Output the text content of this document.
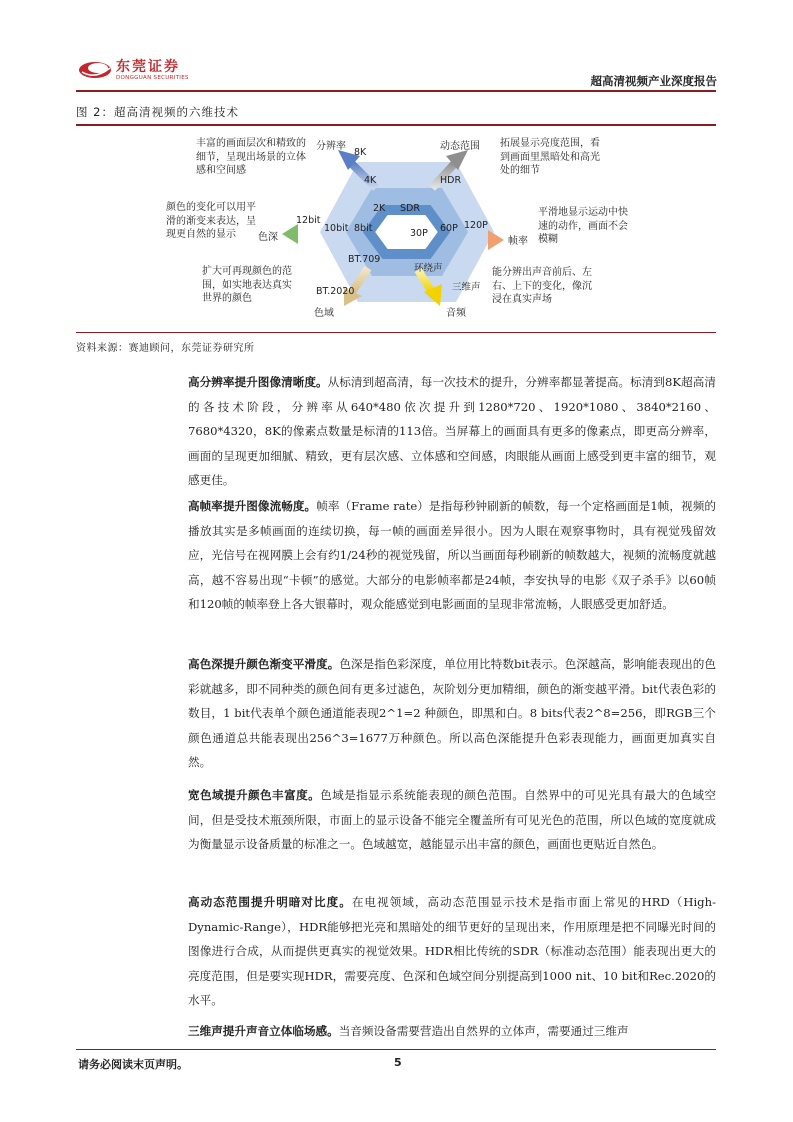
东莞证券
DONGGUAN SECURITIES	超高清视频产业深度报告
图 2：超高清视频的六维技术
分辨率	动态范围
帧率
音频
色域
色深
8K
4K
2K
HDR
SDR
120P
60P
30P
三维声
环绕声
BT.2020
BT.709
12bit
10bit 8bit
丰富的画面层次和精致的细节，呈现出场景的立体感和空间感
拓展显示亮度范围，看到画面里黑暗处和高光处的细节
颜色的变化可以用平滑的渐变来表达，呈现更自然的显示
平滑地显示运动中快速的动作，画面不会模糊
扩大可再现颜色的范围，如实地表达真实世界的颜色
能分辨出声音前后、左右、上下的变化，像沉浸在真实声场
资料来源：赛迪顾问，东莞证券研究所
高分辨率提升图像清晰度。从标清到超高清，每一次技术的提升，分辨率都显著提高。标清到8K超高清的各技术阶段，分辨率从640*480依次提升到1280*720、1920*1080、3840*2160、7680*4320，8K的像素点数量是标清的113倍。当屏幕上的画面具有更多的像素点，即更高分辨率，画面的呈现更加细腻、精致，更有层次感、立体感和空间感，肉眼能从画面上感受到更丰富的细节，观感更佳。
高帧率提升图像流畅度。帧率（Frame rate）是指每秒钟刷新的帧数，每一个定格画面是1帧，视频的播放其实是多帧画面的连续切换，每一帧的画面差异很小。因为人眼在观察事物时，具有视觉残留效应，光信号在视网膜上会有约1/24秒的视觉残留，所以当画面每秒刷新的帧数越大，视频的流畅度就越高，越不容易出现“卡顿”的感觉。大部分的电影帧率都是24帧，李安执导的电影《双子杀手》以60帧和120帧的帧率登上各大银幕时，观众能感觉到电影画面的呈现非常流畅，人眼感受更加舒适。
高色深提升颜色渐变平滑度。色深是指色彩深度，单位用比特数bit表示。色深越高，影响能表现出的色彩就越多，即不同种类的颜色间有更多过滤色，灰阶划分更加精细，颜色的渐变越平滑。bit代表色彩的数目，1 bit代表单个颜色通道能表现2^1=2 种颜色，即黑和白。8 bits代表2^8=256，即RGB三个颜色通道总共能表现出256^3=1677万种颜色。所以高色深能提升色彩表现能力，画面更加真实自然。
宽色域提升颜色丰富度。色域是指显示系统能表现的颜色范围。自然界中的可见光具有最大的色域空间，但是受技术瓶颈所限，市面上的显示设备不能完全覆盖所有可见光色的范围，所以色域的宽度就成为衡量显示设备质量的标准之一。色域越宽，越能显示出丰富的颜色，画面也更贴近自然色。
高动态范围提升明暗对比度。在电视领域，高动态范围显示技术是指市面上常见的HRD（High-Dynamic-Range），HDR能够把光亮和黑暗处的细节更好的呈现出来，作用原理是把不同曝光时间的图像进行合成，从而提供更真实的视觉效果。HDR相比传统的SDR（标准动态范围）能表现出更大的亮度范围，但是要实现HDR，需要亮度、色深和色域空间分别提高到1000 nit、10 bit和Rec.2020的水平。
三维声提升声音立体临场感。当音频设备需要营造出自然界的立体声，需要通过三维声
请务必阅读末页声明。	5
